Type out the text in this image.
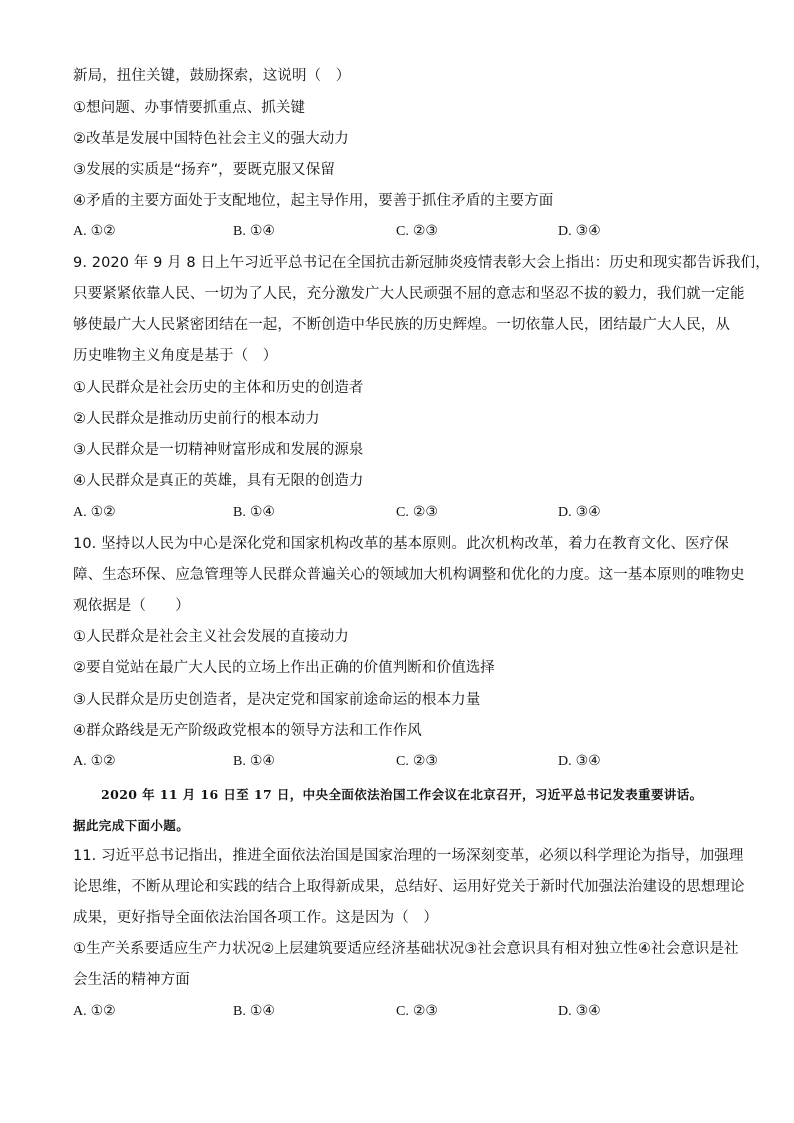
新局，扭住关键，鼓励探索，这说明（　）
①想问题、办事情要抓重点、抓关键
②改革是发展中国特色社会主义的强大动力
③发展的实质是“扬弃”，要既克服又保留
④矛盾的主要方面处于支配地位，起主导作用，要善于抓住矛盾的主要方面
A. ①②	B. ①④	C. ②③	D. ③④
9. 2020 年 9 月 8 日上午习近平总书记在全国抗击新冠肺炎疫情表彰大会上指出：历史和现实都告诉我们，
只要紧紧依靠人民、一切为了人民，充分激发广大人民顽强不屈的意志和坚忍不拔的毅力，我们就一定能
够使最广大人民紧密团结在一起，不断创造中华民族的历史辉煌。一切依靠人民，团结最广大人民，从
历史唯物主义角度是基于（　）
①人民群众是社会历史的主体和历史的创造者
②人民群众是推动历史前行的根本动力
③人民群众是一切精神财富形成和发展的源泉
④人民群众是真正的英雄，具有无限的创造力
A. ①②	B. ①④	C. ②③	D. ③④
10. 坚持以人民为中心是深化党和国家机构改革的基本原则。此次机构改革，着力在教育文化、医疗保
障、生态环保、应急管理等人民群众普遍关心的领域加大机构调整和优化的力度。这一基本原则的唯物史
观依据是（　　）
①人民群众是社会主义社会发展的直接动力
②要自觉站在最广大人民的立场上作出正确的价值判断和价值选择
③人民群众是历史创造者，是决定党和国家前途命运的根本力量
④群众路线是无产阶级政党根本的领导方法和工作作风
A. ①②	B. ①④	C. ②③	D. ③④
2020 年 11 月 16 日至 17 日，中央全面依法治国工作会议在北京召开，习近平总书记发表重要讲话。
据此完成下面小题。
11. 习近平总书记指出，推进全面依法治国是国家治理的一场深刻变革，必须以科学理论为指导，加强理
论思维，不断从理论和实践的结合上取得新成果，总结好、运用好党关于新时代加强法治建设的思想理论
成果，更好指导全面依法治国各项工作。这是因为（　）
①生产关系要适应生产力状况②上层建筑要适应经济基础状况③社会意识具有相对独立性④社会意识是社
会生活的精神方面
A. ①②	B. ①④	C. ②③	D. ③④
